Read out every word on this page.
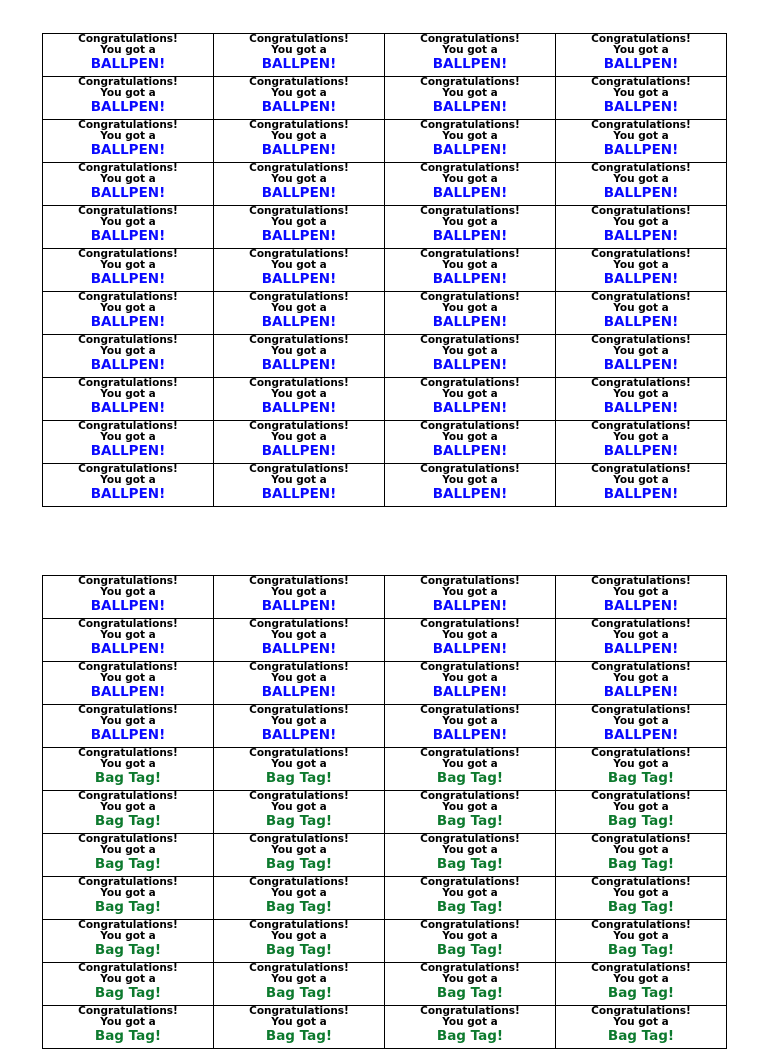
Congratulations!
You got a
BALLPEN!	Congratulations!
You got a
BALLPEN!	Congratulations!
You got a
BALLPEN!	Congratulations!
You got a
BALLPEN!

Congratulations!
You got a
BALLPEN!	Congratulations!
You got a
BALLPEN!	Congratulations!
You got a
BALLPEN!	Congratulations!
You got a
BALLPEN!

Congratulations!
You got a
BALLPEN!	Congratulations!
You got a
BALLPEN!	Congratulations!
You got a
BALLPEN!	Congratulations!
You got a
BALLPEN!

Congratulations!
You got a
BALLPEN!	Congratulations!
You got a
BALLPEN!	Congratulations!
You got a
BALLPEN!	Congratulations!
You got a
BALLPEN!

Congratulations!
You got a
BALLPEN!	Congratulations!
You got a
BALLPEN!	Congratulations!
You got a
BALLPEN!	Congratulations!
You got a
BALLPEN!

Congratulations!
You got a
BALLPEN!	Congratulations!
You got a
BALLPEN!	Congratulations!
You got a
BALLPEN!	Congratulations!
You got a
BALLPEN!

Congratulations!
You got a
BALLPEN!	Congratulations!
You got a
BALLPEN!	Congratulations!
You got a
BALLPEN!	Congratulations!
You got a
BALLPEN!

Congratulations!
You got a
BALLPEN!	Congratulations!
You got a
BALLPEN!	Congratulations!
You got a
BALLPEN!	Congratulations!
You got a
BALLPEN!

Congratulations!
You got a
BALLPEN!	Congratulations!
You got a
BALLPEN!	Congratulations!
You got a
BALLPEN!	Congratulations!
You got a
BALLPEN!

Congratulations!
You got a
BALLPEN!	Congratulations!
You got a
BALLPEN!	Congratulations!
You got a
BALLPEN!	Congratulations!
You got a
BALLPEN!

Congratulations!
You got a
BALLPEN!	Congratulations!
You got a
BALLPEN!	Congratulations!
You got a
BALLPEN!	Congratulations!
You got a
BALLPEN!
Congratulations!
You got a
BALLPEN!	Congratulations!
You got a
BALLPEN!	Congratulations!
You got a
BALLPEN!	Congratulations!
You got a
BALLPEN!

Congratulations!
You got a
BALLPEN!	Congratulations!
You got a
BALLPEN!	Congratulations!
You got a
BALLPEN!	Congratulations!
You got a
BALLPEN!

Congratulations!
You got a
BALLPEN!	Congratulations!
You got a
BALLPEN!	Congratulations!
You got a
BALLPEN!	Congratulations!
You got a
BALLPEN!

Congratulations!
You got a
BALLPEN!	Congratulations!
You got a
BALLPEN!	Congratulations!
You got a
BALLPEN!	Congratulations!
You got a
BALLPEN!

Congratulations!
You got a
Bag Tag!	Congratulations!
You got a
Bag Tag!	Congratulations!
You got a
Bag Tag!	Congratulations!
You got a
Bag Tag!

Congratulations!
You got a
Bag Tag!	Congratulations!
You got a
Bag Tag!	Congratulations!
You got a
Bag Tag!	Congratulations!
You got a
Bag Tag!

Congratulations!
You got a
Bag Tag!	Congratulations!
You got a
Bag Tag!	Congratulations!
You got a
Bag Tag!	Congratulations!
You got a
Bag Tag!

Congratulations!
You got a
Bag Tag!	Congratulations!
You got a
Bag Tag!	Congratulations!
You got a
Bag Tag!	Congratulations!
You got a
Bag Tag!

Congratulations!
You got a
Bag Tag!	Congratulations!
You got a
Bag Tag!	Congratulations!
You got a
Bag Tag!	Congratulations!
You got a
Bag Tag!

Congratulations!
You got a
Bag Tag!	Congratulations!
You got a
Bag Tag!	Congratulations!
You got a
Bag Tag!	Congratulations!
You got a
Bag Tag!

Congratulations!
You got a
Bag Tag!	Congratulations!
You got a
Bag Tag!	Congratulations!
You got a
Bag Tag!	Congratulations!
You got a
Bag Tag!
